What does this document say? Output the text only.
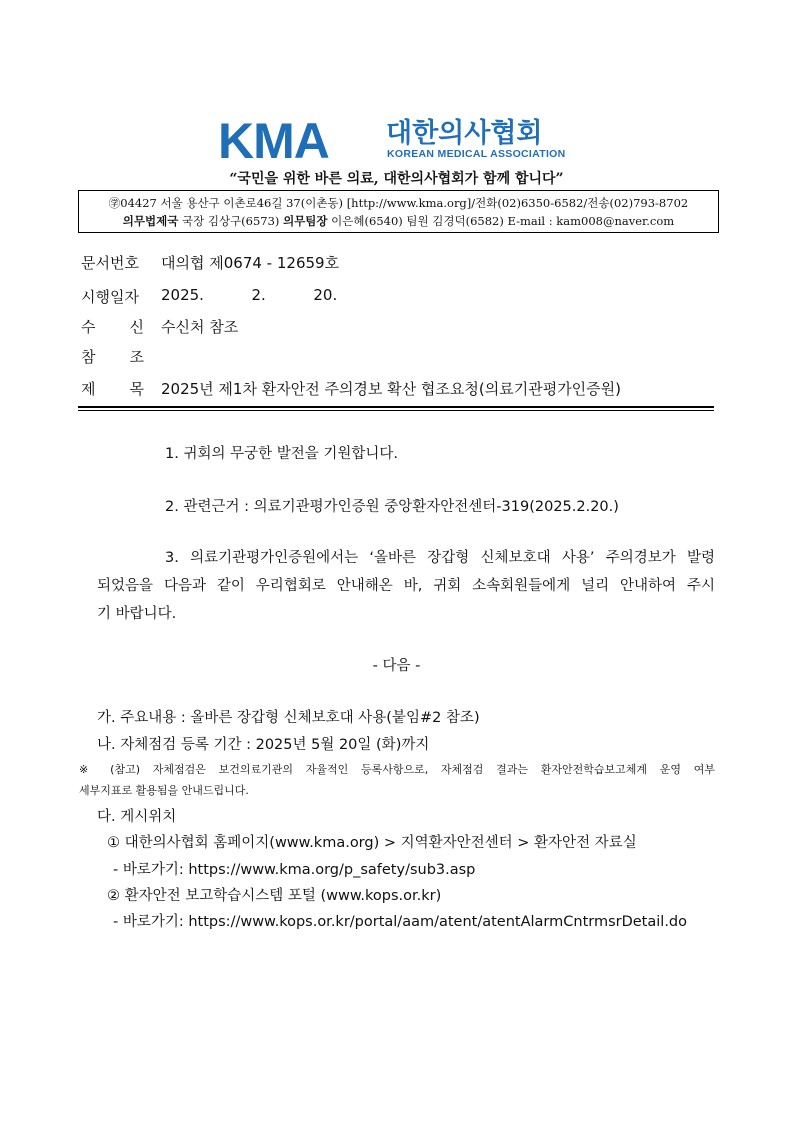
KMA 대한의사협회
KOREAN MEDICAL ASSOCIATION
“국민을 위한 바른 의료, 대한의사협회가 함께 합니다”
㊫04427 서울 용산구 이촌로46길 37(이촌동) [http://www.kma.org]/전화(02)6350-6582/전송(02)793-8702
의무법제국 국장 김상구(6573) 의무팀장 이은혜(6540) 팀원 김경덕(6582) E-mail : kam008@naver.com
문서번호 대의협 제0674 - 12659호
시행일자 2025.	2.	20.
수 신 수신처 참조
참 조
제 목 2025년 제1차 환자안전 주의경보 확산 협조요청(의료기관평가인증원)
1. 귀회의 무궁한 발전을 기원합니다.
2. 관련근거 : 의료기관평가인증원 중앙환자안전센터-319(2025.2.20.)
3. 의료기관평가인증원에서는 ‘올바른 장갑형 신체보호대 사용’ 주의경보가 발령
되었음을 다음과 같이 우리협회로 안내해온 바, 귀회 소속회원들에게 널리 안내하여 주시
기 바랍니다.
- 다음 -
가. 주요내용 : 올바른 장갑형 신체보호대 사용(붙임#2 참조)
나. 자체점검 등록 기간 : 2025년 5월 20일 (화)까지
※ (참고) 자체점검은 보건의료기관의 자율적인 등록사항으로, 자체점검 결과는 환자안전학습보고체계 운영 여부
세부지표로 활용됨을 안내드립니다.
다. 게시위치
① 대한의사협회 홈페이지(www.kma.org) > 지역환자안전센터 > 환자안전 자료실
- 바로가기: https://www.kma.org/p_safety/sub3.asp
② 환자안전 보고학습시스템 포털 (www.kops.or.kr)
- 바로가기: https://www.kops.or.kr/portal/aam/atent/atentAlarmCntrmsrDetail.do
